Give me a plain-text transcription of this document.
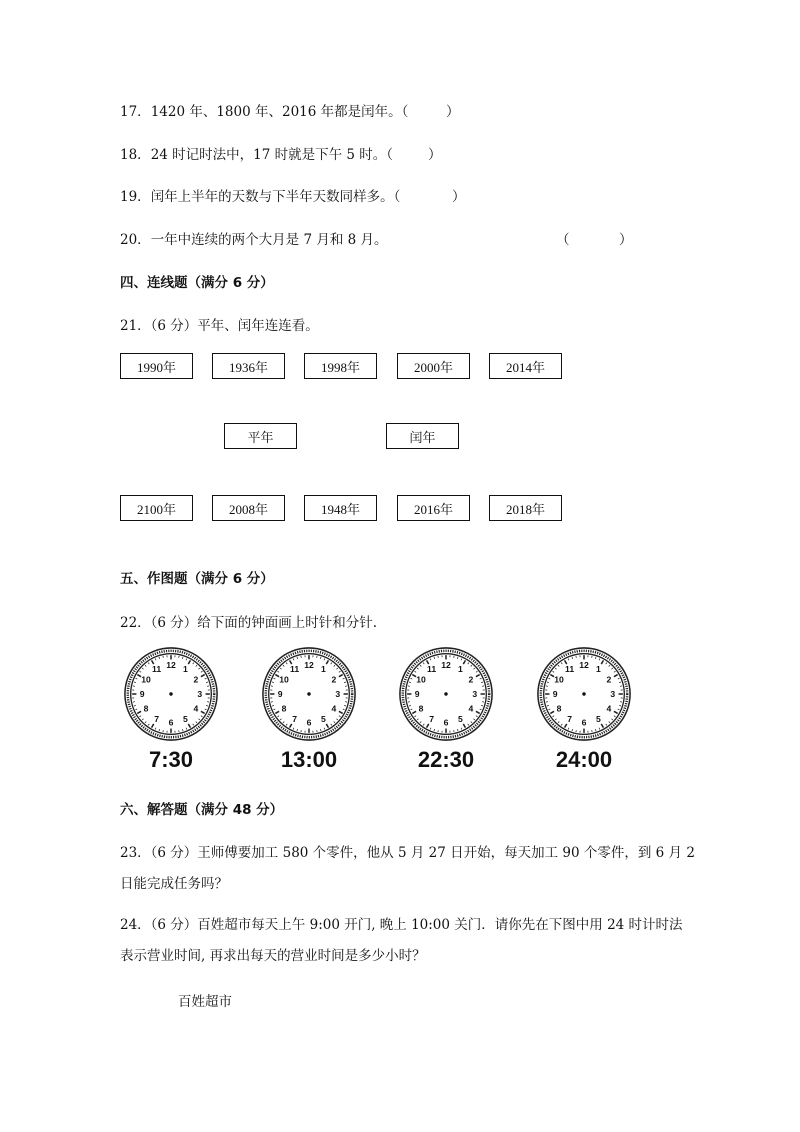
17．1420 年、1800 年、2016 年都是闰年。（	）
18．24 时记时法中，17 时就是下午 5 时。（	）
19．闰年上半年的天数与下半年天数同样多。（	）
20．一年中连续的两个大月是 7 月和 8 月。	（	）
四、连线题（满分 6 分）
21．（6 分）平年、闰年连连看。
1990年	1936年	1998年	2000年	2014年
平年	闰年
2100年	2008年	1948年	2016年	2018年
五、作图题（满分 6 分）
22．（6 分）给下面的钟面画上时针和分针.
12 1
2
3
4
5
6
7
8
9
10
11	12 1
2
3
4
5
6
7
8
9
10
11	12 1
2
3
4
5
6
7
8
9
10
11	12 1
2
3
4
5
6
7
8
9
10
11
7:30	13:00	22:30	24:00
六、解答题（满分 48 分）
23．（6 分）王师傅要加工 580 个零件，他从 5 月 27 日开始，每天加工 90 个零件，到 6 月 2
日能完成任务吗？
24．（6 分）百姓超市每天上午 9:00 开门, 晚上 10:00 关门．请你先在下图中用 24 时计时法
表示营业时间, 再求出每天的营业时间是多少小时？
百姓超市
